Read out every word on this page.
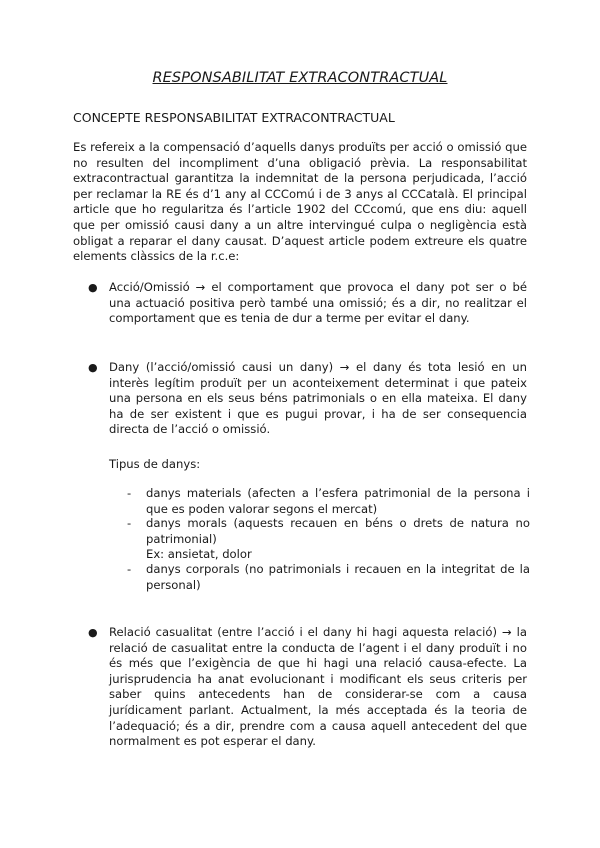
RESPONSABILITAT EXTRACONTRACTUAL
CONCEPTE RESPONSABILITAT EXTRACONTRACTUAL
Es refereix a la compensació d’aquells danys produïts per acció o omissió que no resulten del incompliment d’una obligació prèvia. La responsabilitat extracontractual garantitza la indemnitat de la persona perjudicada, l’acció per reclamar la RE és d’1 any al CCComú i de 3 anys al CCCatalà. El principal article que ho regularitza és l’article 1902 del CCcomú, que ens diu: aquell que per omissió causi dany a un altre intervingué culpa o negligència està obligat a reparar el dany causat. D’aquest article podem extreure els quatre elements clàssics de la r.c.e:
● Acció/Omissió → el comportament que provoca el dany pot ser o bé una actuació positiva però també una omissió; és a dir, no realitzar el comportament que es tenia de dur a terme per evitar el dany.
● Dany (l’acció/omissió causi un dany) → el dany és tota lesió en un interès legítim produït per un aconteixement determinat i que pateix una persona en els seus béns patrimonials o en ella mateixa. El dany ha de ser existent i que es pugui provar, i ha de ser consequencia directa de l’acció o omissió.
Tipus de danys:
- danys materials (afecten a l’esfera patrimonial de la persona i que es poden valorar segons el mercat)
- danys morals (aquests recauen en béns o drets de natura no patrimonial)
Ex: ansietat, dolor
- danys corporals (no patrimonials i recauen en la integritat de la personal)
● Relació casualitat (entre l’acció i el dany hi hagi aquesta relació) → la relació de casualitat entre la conducta de l’agent i el dany produït i no és més que l’exigència de que hi hagi una relació causa-efecte. La jurisprudencia ha anat evolucionant i modificant els seus criteris per saber quins antecedents han de considerar-se com a causa jurídicament parlant. Actualment, la més acceptada és la teoria de l’adequació; és a dir, prendre com a causa aquell antecedent del que normalment es pot esperar el dany.
